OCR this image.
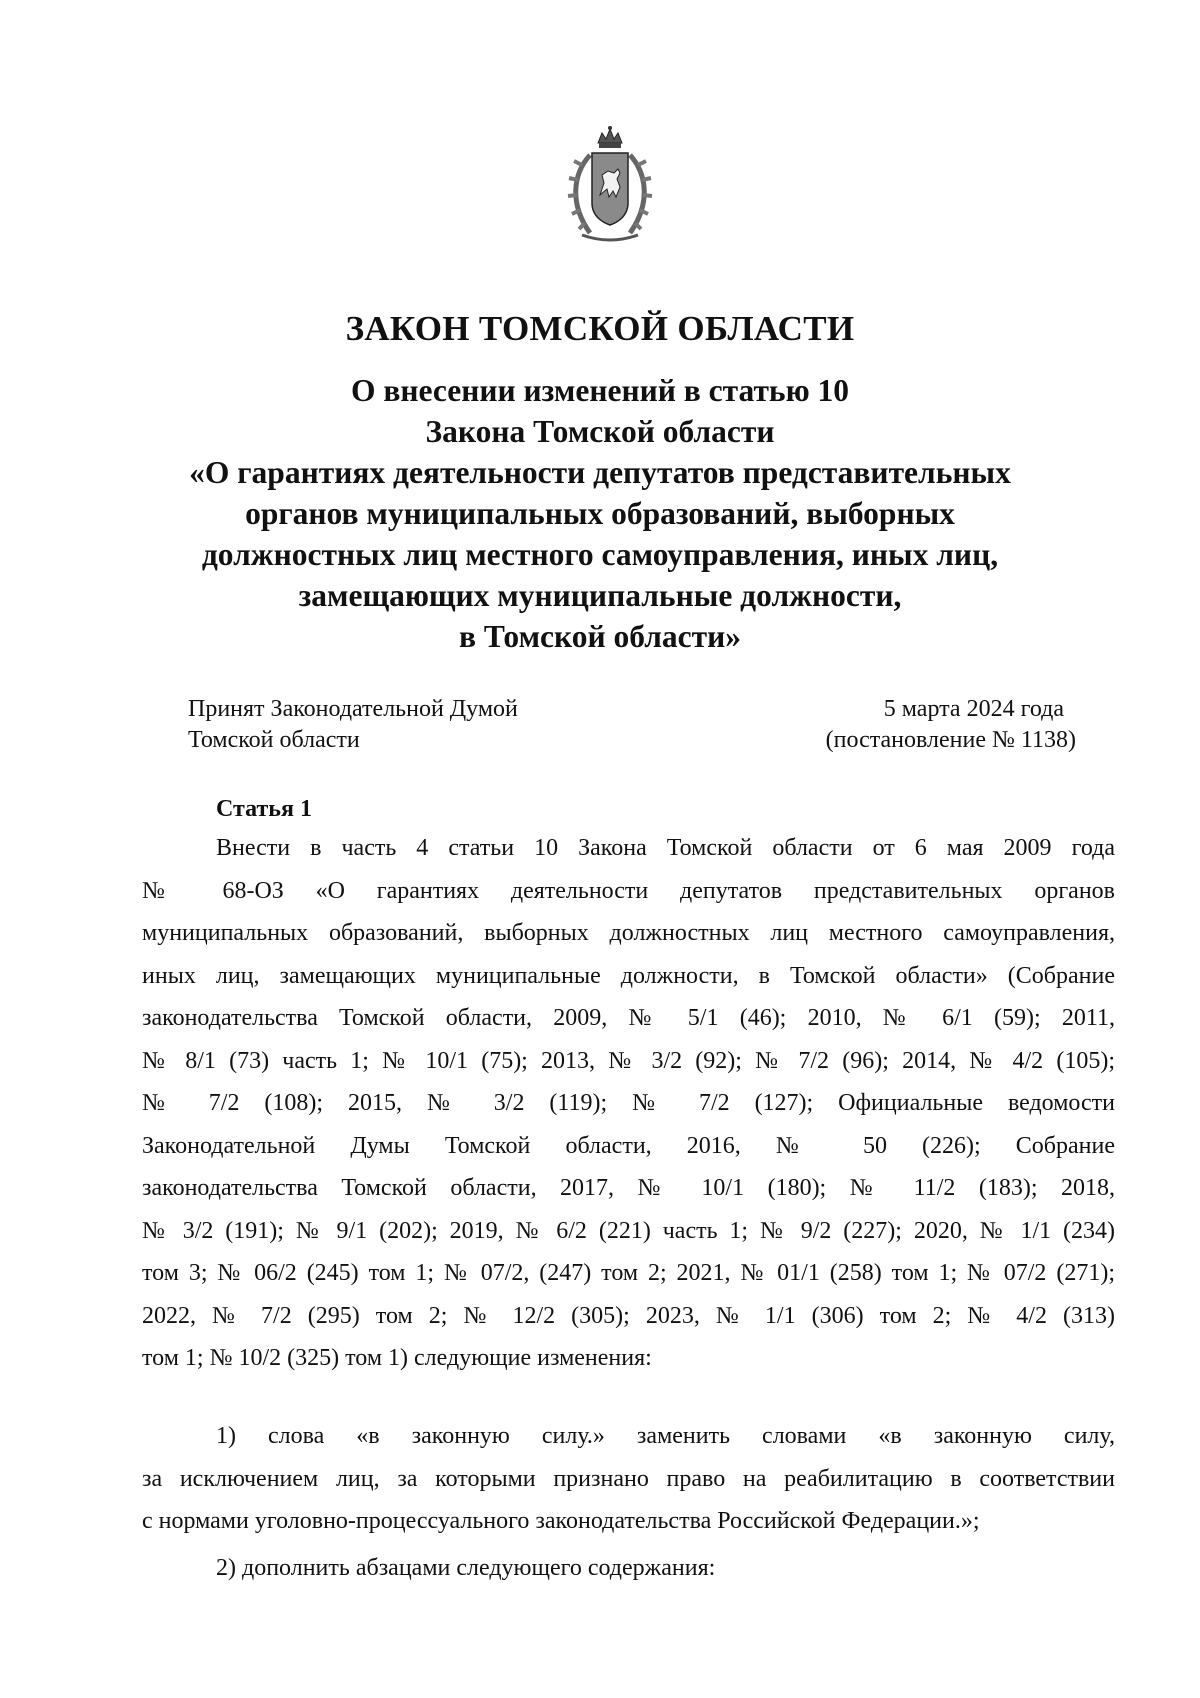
ЗАКОН ТОМСКОЙ ОБЛАСТИ
О внесении изменений в статью 10
Закона Томской области
«О гарантиях деятельности депутатов представительных
органов муниципальных образований, выборных
должностных лиц местного самоуправления, иных лиц,
замещающих муниципальные должности,
в Томской области»
Принят Законодательной Думой
Томской области
5 марта 2024 года
(постановление № 1138)
Статья 1
Внести в часть 4 статьи 10 Закона Томской области от 6 мая 2009 года
№ 68-ОЗ «О гарантиях деятельности депутатов представительных органов
муниципальных образований, выборных должностных лиц местного самоуправления,
иных лиц, замещающих муниципальные должности, в Томской области» (Собрание
законодательства Томской области, 2009, № 5/1 (46); 2010, № 6/1 (59); 2011,
№ 8/1 (73) часть 1; № 10/1 (75); 2013, № 3/2 (92); № 7/2 (96); 2014, № 4/2 (105);
№ 7/2 (108); 2015, № 3/2 (119); № 7/2 (127); Официальные ведомости
Законодательной Думы Томской области, 2016, № 50 (226); Собрание
законодательства Томской области, 2017, № 10/1 (180); № 11/2 (183); 2018,
№ 3/2 (191); № 9/1 (202); 2019, № 6/2 (221) часть 1; № 9/2 (227); 2020, № 1/1 (234)
том 3; № 06/2 (245) том 1; № 07/2, (247) том 2; 2021, № 01/1 (258) том 1; № 07/2 (271);
2022, № 7/2 (295) том 2; № 12/2 (305); 2023, № 1/1 (306) том 2; № 4/2 (313)
том 1; № 10/2 (325) том 1) следующие изменения:
1) слова «в законную силу.» заменить словами «в законную силу,
за исключением лиц, за которыми признано право на реабилитацию в соответствии
с нормами уголовно-процессуального законодательства Российской Федерации.»;
2) дополнить абзацами следующего содержания:
